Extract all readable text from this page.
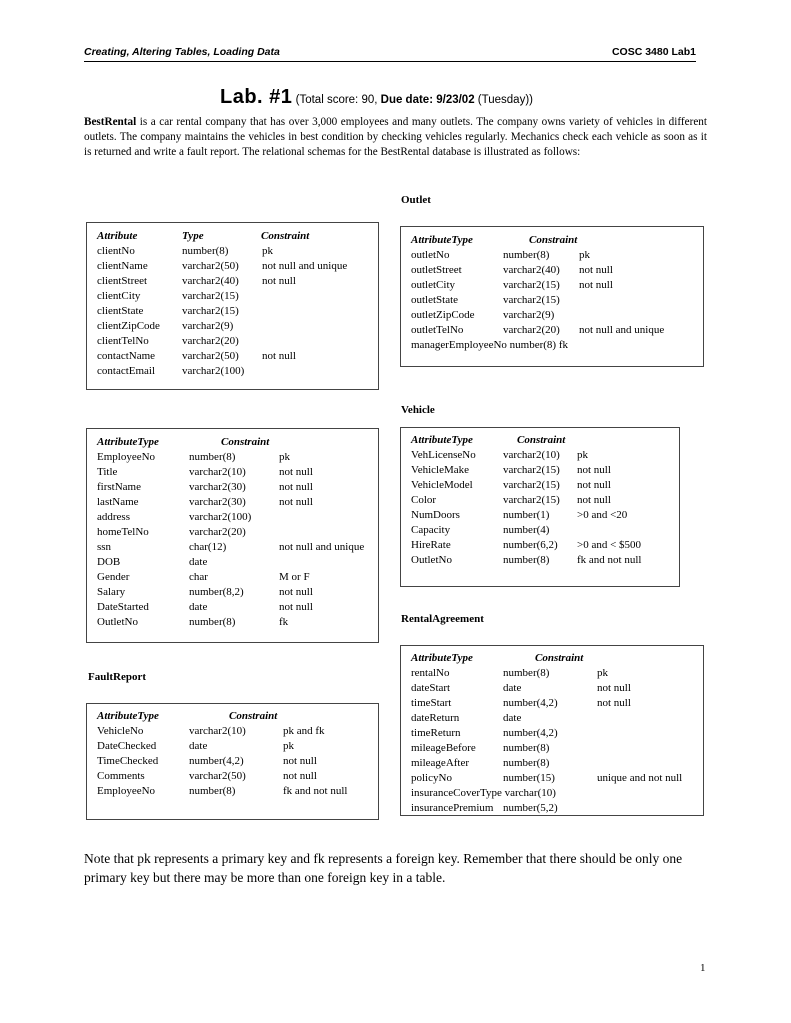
Creating, Altering Tables, Loading Data	COSC 3480 Lab1
Lab. #1 (Total score: 90, Due date: 9/23/02 (Tuesday))
BestRental is a car rental company that has over 3,000 employees and many outlets. The company owns variety of vehicles in different outlets. The company maintains the vehicles in best condition by checking vehicles regularly. Mechanics check each vehicle as soon as it is returned and write a fault report. The relational schemas for the BestRental database is illustrated as follows:
Outlet
Vehicle
RentalAgreement
FaultReport
Attribute	Type	Constraint
clientNo	number(8)	pk
clientName	varchar2(50) not null and unique
clientStreet	varchar2(40) not null
clientCity	varchar2(15)
clientState	varchar2(15)
clientZipCode varchar2(9)
clientTelNo	varchar2(20)
contactName varchar2(50) not null
contactEmail varchar2(100)
AttributeType	Constraint
outletNo	number(8)	pk
outletStreet	varchar2(40) not null
outletCity	varchar2(15) not null
outletState	varchar2(15)
outletZipCode	varchar2(9)
outletTelNo	varchar2(20) not null and unique
managerEmployeeNo number(8) fk
AttributeType	Constraint
EmployeeNo	number(8)	pk
Title	varchar2(10)	not null
firstName	varchar2(30)	not null
lastName	varchar2(30)	not null
address	varchar2(100)
homeTelNo	varchar2(20)
ssn	char(12)	not null and unique
DOB	date
Gender	char	M or F
Salary	number(8,2)	not null
DateStarted	date	not null
OutletNo	number(8)	fk
AttributeType	Constraint
VehLicenseNo varchar2(10) pk
VehicleMake	varchar2(15) not null
VehicleModel	varchar2(15) not null
Color	varchar2(15) not null
NumDoors	number(1)	>0 and <20
Capacity	number(4)
HireRate	number(6,2) >0 and < $500
OutletNo	number(8)	fk and not null
AttributeType	Constraint
rentalNo	number(8)	pk
dateStart	date	not null
timeStart	number(4,2)	not null
dateReturn	date
timeReturn	number(4,2)
mileageBefore number(8)
mileageAfter	number(8)
policyNo	number(15)	unique and not null
insuranceCoverType varchar(10)
insurancePremium number(5,2)
AttributeType	Constraint
VehicleNo	varchar2(10)	pk and fk
DateChecked	date	pk
TimeChecked	number(4,2)	not null
Comments	varchar2(50)	not null
EmployeeNo	number(8)	fk and not null
Note that pk represents a primary key and fk represents a foreign key. Remember that there should be only one primary key but there may be more than one foreign key in a table.
1
